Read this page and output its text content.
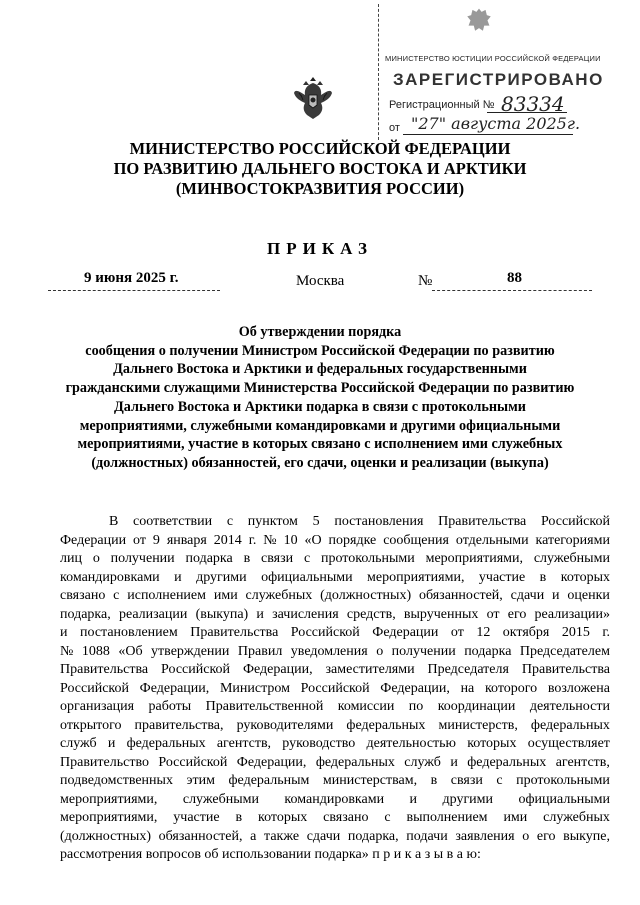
МИНИСТЕРСТВО ЮСТИЦИИ РОССИЙСКОЙ ФЕДЕРАЦИИ
ЗАРЕГИСТРИРОВАНО
Регистрационный № 83334
от "27" августа 2025г.
МИНИСТЕРСТВО РОССИЙСКОЙ ФЕДЕРАЦИИ
ПО РАЗВИТИЮ ДАЛЬНЕГО ВОСТОКА И АРКТИКИ
(МИНВОСТОКРАЗВИТИЯ РОССИИ)
ПРИКАЗ
9 июня 2025 г.	Москва	№	88
Об утверждении порядка
сообщения о получении Министром Российской Федерации по развитию
Дальнего Востока и Арктики и федеральных государственными
гражданскими служащими Министерства Российской Федерации по развитию
Дальнего Востока и Арктики подарка в связи с протокольными
мероприятиями, служебными командировками и другими официальными
мероприятиями, участие в которых связано с исполнением ими служебных
(должностных) обязанностей, его сдачи, оценки и реализации (выкупа)
В соответствии с пунктом 5 постановления Правительства Российской
Федерации от 9 января 2014 г. № 10 «О порядке сообщения отдельными категориями
лиц о получении подарка в связи с протокольными мероприятиями, служебными
командировками и другими официальными мероприятиями, участие в которых
связано с исполнением ими служебных (должностных) обязанностей, сдачи и оценки
подарка, реализации (выкупа) и зачисления средств, вырученных от его реализации»
и постановлением Правительства Российской Федерации от 12 октября 2015 г.
№ 1088 «Об утверждении Правил уведомления о получении подарка Председателем
Правительства Российской Федерации, заместителями Председателя Правительства
Российской Федерации, Министром Российской Федерации, на которого возложена
организация работы Правительственной комиссии по координации деятельности
открытого правительства, руководителями федеральных министерств, федеральных
служб и федеральных агентств, руководство деятельностью которых осуществляет
Правительство Российской Федерации, федеральных служб и федеральных агентств,
подведомственных этим федеральным министерствам, в связи с протокольными
мероприятиями, служебными командировками и другими официальными
мероприятиями, участие в которых связано с выполнением ими служебных
(должностных) обязанностей, а также сдачи подарка, подачи заявления о его выкупе,
рассмотрения вопросов об использовании подарка» п р и к а з ы в а ю:
